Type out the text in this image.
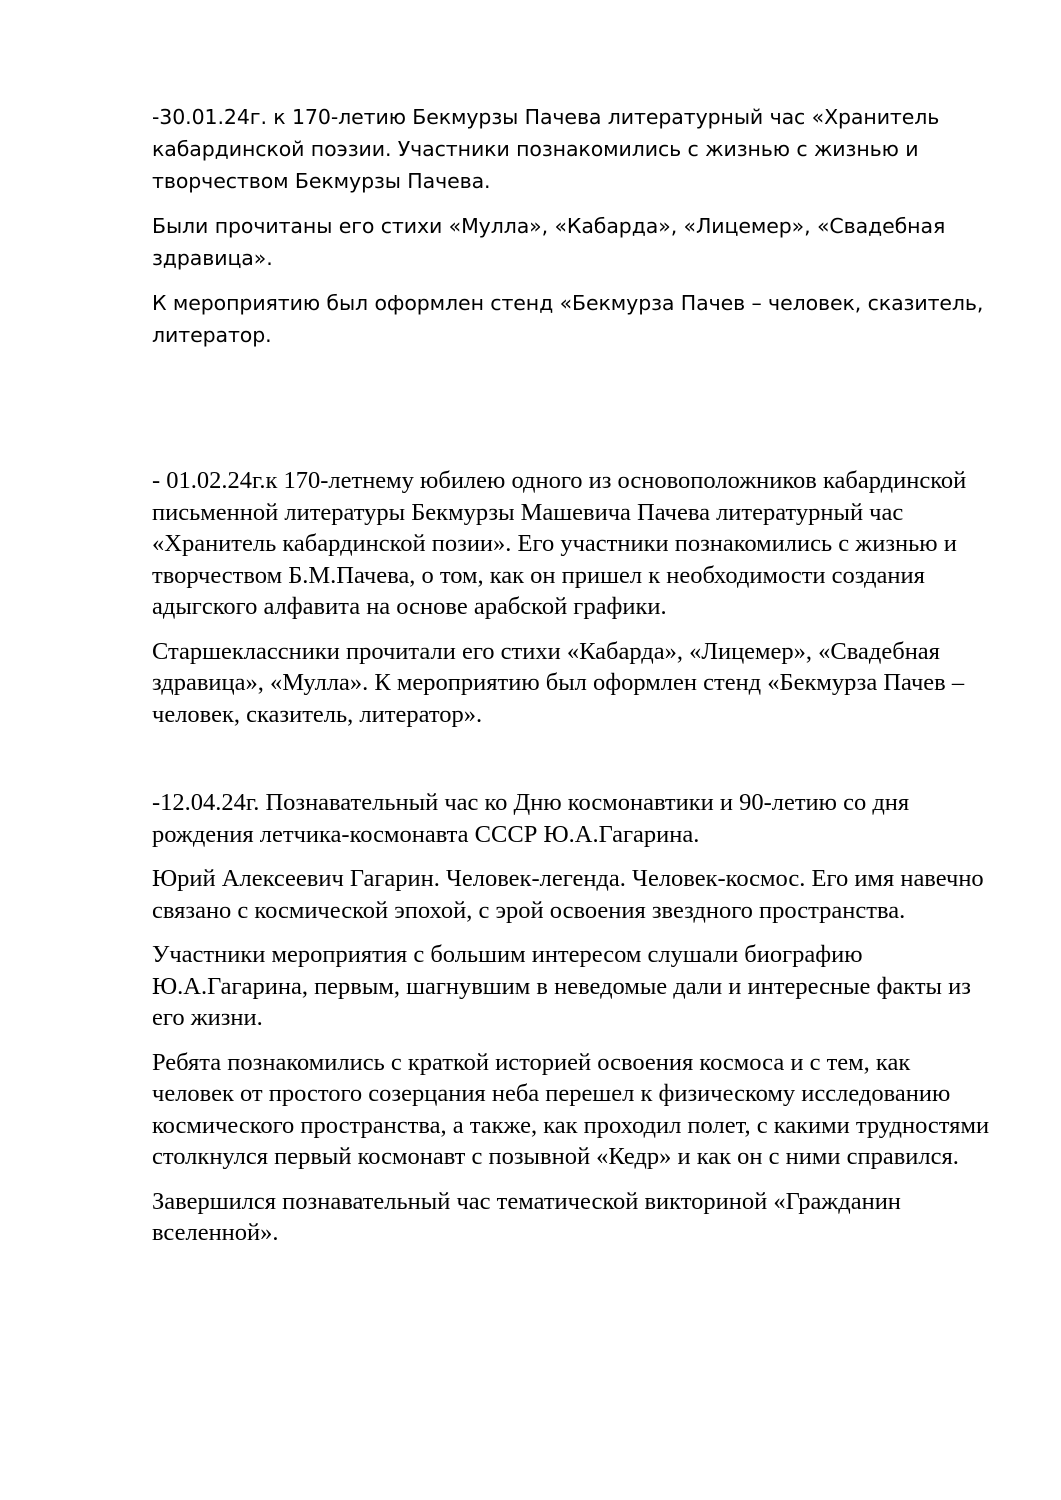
-30.01.24г. к 170-летию Бекмурзы Пачева литературный час «Хранитель кабардинской поэзии. Участники познакомились с жизнью с жизнью и творчеством Бекмурзы Пачева.

Были прочитаны его стихи «Мулла», «Кабарда», «Лицемер», «Свадебная здравица».

К мероприятию был оформлен стенд «Бекмурза Пачев – человек, сказитель, литератор.

- 01.02.24г.к 170-летнему юбилею одного из основоположников кабардинской письменной литературы Бекмурзы Машевича Пачева литературный час «Хранитель кабардинской позии». Его участники познакомились с жизнью и творчеством Б.М.Пачева, о том, как он пришел к необходимости создания адыгского алфавита на основе арабской графики.

Старшеклассники прочитали его стихи «Кабарда», «Лицемер», «Свадебная здравица», «Мулла». К мероприятию был оформлен стенд «Бекмурза Пачев – человек, сказитель, литератор».

-12.04.24г. Познавательный час ко Дню космонавтики и 90-летию со дня рождения летчика-космонавта СССР Ю.А.Гагарина.

Юрий Алексеевич Гагарин. Человек-легенда. Человек-космос. Его имя навечно связано с космической эпохой, с эрой освоения звездного пространства.

Участники мероприятия с большим интересом слушали биографию Ю.А.Гагарина, первым, шагнувшим в неведомые дали и интересные факты из его жизни.

Ребята познакомились с краткой историей освоения космоса и с тем, как человек от простого созерцания неба перешел к физическому исследованию космического пространства, а также, как проходил полет, с какими трудностями столкнулся первый космонавт с позывной «Кедр» и как он с ними справился.

Завершился познавательный час тематической викториной «Гражданин вселенной».
